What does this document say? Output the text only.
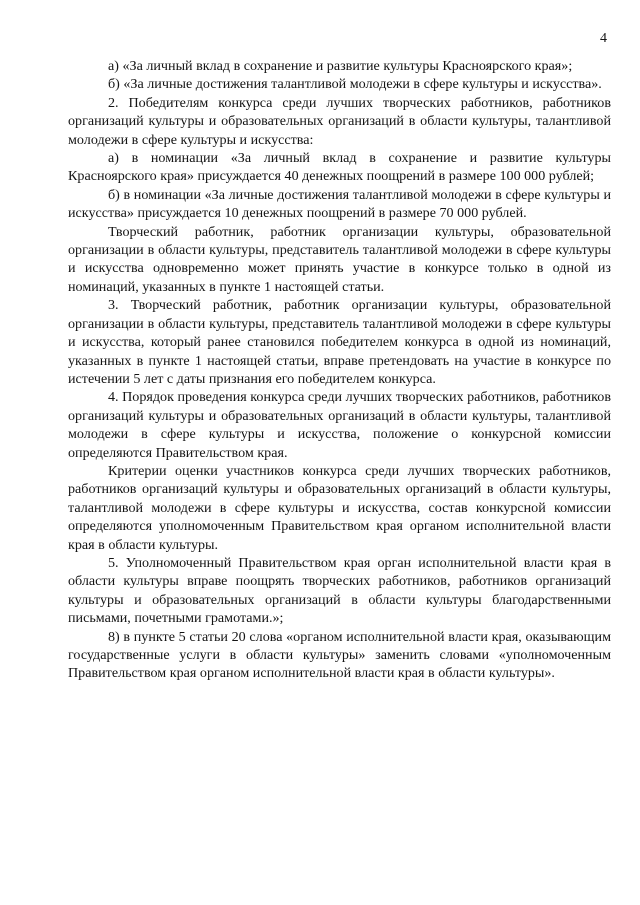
4

а) «За личный вклад в сохранение и развитие культуры Красноярского края»;

б) «За личные достижения талантливой молодежи в сфере культуры и искусства».

2. Победителям конкурса среди лучших творческих работников, работников организаций культуры и образовательных организаций в области культуры, талантливой молодежи в сфере культуры и искусства:

а) в номинации «За личный вклад в сохранение и развитие культуры Красноярского края» присуждается 40 денежных поощрений в размере 100 000 рублей;

б) в номинации «За личные достижения талантливой молодежи в сфере культуры и искусства» присуждается 10 денежных поощрений в размере 70 000 рублей.

Творческий работник, работник организации культуры, образовательной организации в области культуры, представитель талантливой молодежи в сфере культуры и искусства одновременно может принять участие в конкурсе только в одной из номинаций, указанных в пункте 1 настоящей статьи.

3. Творческий работник, работник организации культуры, образовательной организации в области культуры, представитель талантливой молодежи в сфере культуры и искусства, который ранее становился победителем конкурса в одной из номинаций, указанных в пункте 1 настоящей статьи, вправе претендовать на участие в конкурсе по истечении 5 лет с даты признания его победителем конкурса.

4. Порядок проведения конкурса среди лучших творческих работников, работников организаций культуры и образовательных организаций в области культуры, талантливой молодежи в сфере культуры и искусства, положение о конкурсной комиссии определяются Правительством края.

Критерии оценки участников конкурса среди лучших творческих работников, работников организаций культуры и образовательных организаций в области культуры, талантливой молодежи в сфере культуры и искусства, состав конкурсной комиссии определяются уполномоченным Правительством края органом исполнительной власти края в области культуры.

5. Уполномоченный Правительством края орган исполнительной власти края в области культуры вправе поощрять творческих работников, работников организаций культуры и образовательных организаций в области культуры благодарственными письмами, почетными грамотами.»;

8) в пункте 5 статьи 20 слова «органом исполнительной власти края, оказывающим государственные услуги в области культуры» заменить словами «уполномоченным Правительством края органом исполнительной власти края в области культуры».
